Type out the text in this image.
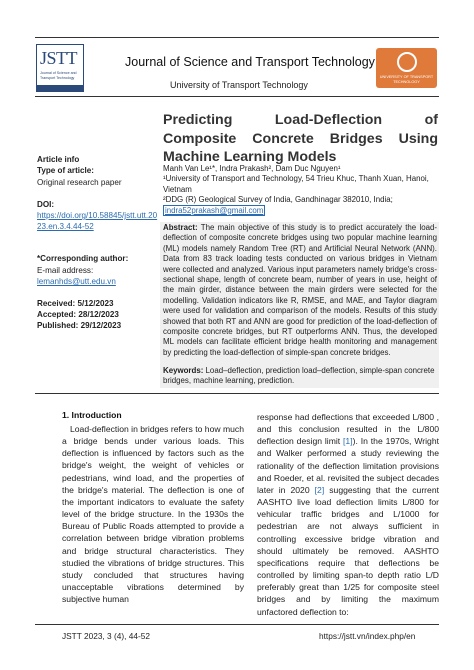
JSTT
Journal of Science and Transport Technology
Journal of Science and Transport Technology
University of Transport Technology
UNIVERSITY OF TRANSPORT TECHNOLOGY
Predicting Load-Deflection of Composite Concrete Bridges Using Machine Learning Models
Article info
Type of article:
Original research paper
DOI:
https://doi.org/10.58845/jstt.utt.2023.en.3.4.44-52
*Corresponding author:
E-mail address:
lemanhds@utt.edu.vn
Received: 5/12/2023
Accepted: 28/12/2023
Published: 29/12/2023
Manh Van Le¹*, Indra Prakash², Dam Duc Nguyen¹
¹University of Transport and Technology, 54 Trieu Khuc, Thanh Xuan, Hanoi, Vietnam
²DDG (R) Geological Survey of India, Gandhinagar 382010, India;
indra52prakash@gmail.com
Abstract: The main objective of this study is to predict accurately the load-deflection of composite concrete bridges using two popular machine learning (ML) models namely Random Tree (RT) and Artificial Neural Network (ANN). Data from 83 track loading tests conducted on various bridges in Vietnam were collected and analyzed. Various input parameters namely bridge's cross-sectional shape, length of concrete beam, number of years in use, height of the main girder, distance between the main girders were selected for the modelling. Validation indicators like R, RMSE, and MAE, and Taylor diagram were used for validation and comparison of the models. Results of this study showed that both RT and ANN are good for prediction of the load-deflection of composite concrete bridges, but RT outperforms ANN. Thus, the developed ML models can facilitate efficient bridge health monitoring and management by predicting the load-deflection of simple-span concrete bridges.
Keywords: Load–deflection, prediction load–deflection, simple-span concrete bridges, machine learning, prediction.
1. Introduction
Load-deflection in bridges refers to how much a bridge bends under various loads. This deflection is influenced by factors such as the bridge's weight, the weight of vehicles or pedestrians, wind load, and the properties of the bridge's material. The deflection is one of the important indicators to evaluate the safety level of the bridge structure. In the 1930s the Bureau of Public Roads attempted to provide a correlation between bridge vibration problems and bridge structural characteristics. They studied the vibrations of bridge structures. This study concluded that structures having unacceptable vibrations determined by subjective human
response had deflections that exceeded L/800 , and this conclusion resulted in the L/800 deflection design limit [1]). In the 1970s, Wright and Walker performed a study reviewing the rationality of the deflection limitation provisions and Roeder, et al. revisited the subject decades later in 2020 [2] suggesting that the current AASHTO live load deflection limits L/800 for vehicular traffic bridges and L/1000 for pedestrian are not always sufficient in controlling excessive bridge vibration and should ultimately be removed. AASHTO specifications require that deflections be controlled by limiting span-to depth ratio L/D preferably great than 1/25 for composite steel bridges and by limiting the maximum unfactored deflection to:
JSTT 2023, 3 (4), 44-52	https://jstt.vn/index.php/en
